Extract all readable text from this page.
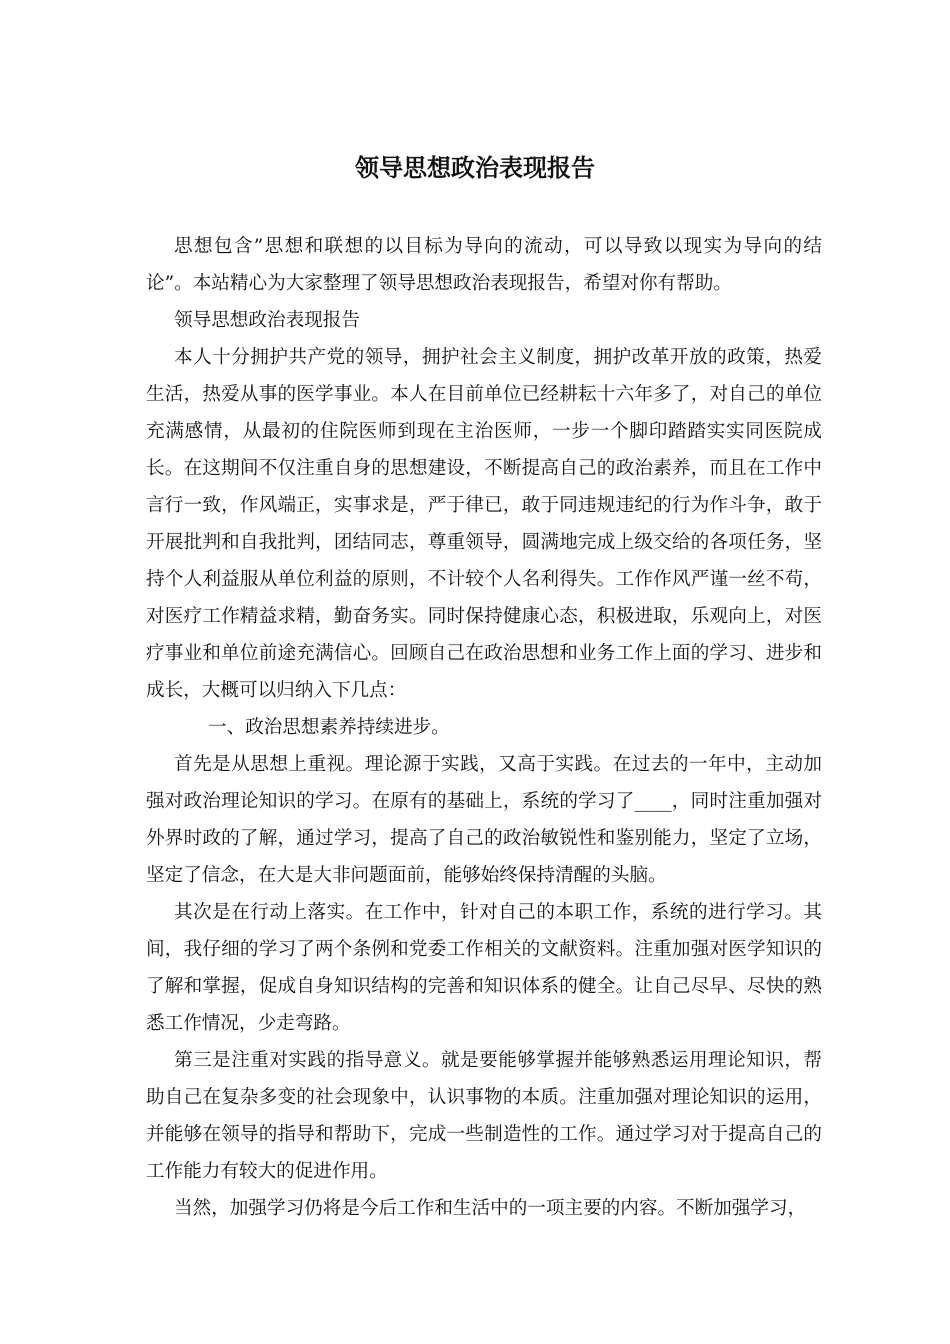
领导思想政治表现报告

思想包含”思想和联想的以目标为导向的流动，可以导致以现实为导向的结论”。本站精心为大家整理了领导思想政治表现报告，希望对你有帮助。

领导思想政治表现报告

本人十分拥护共产党的领导，拥护社会主义制度，拥护改革开放的政策，热爱生活，热爱从事的医学事业。本人在目前单位已经耕耘十六年多了，对自己的单位充满感情，从最初的住院医师到现在主治医师，一步一个脚印踏踏实实同医院成长。在这期间不仅注重自身的思想建设，不断提高自己的政治素养，而且在工作中言行一致，作风端正，实事求是，严于律已，敢于同违规违纪的行为作斗争，敢于开展批判和自我批判，团结同志，尊重领导，圆满地完成上级交给的各项任务，坚持个人利益服从单位利益的原则，不计较个人名利得失。工作作风严谨一丝不苟，对医疗工作精益求精，勤奋务实。同时保持健康心态，积极进取，乐观向上，对医疗事业和单位前途充满信心。回顾自己在政治思想和业务工作上面的学习、进步和成长，大概可以归纳入下几点：

一、政治思想素养持续进步。

首先是从思想上重视。理论源于实践，又高于实践。在过去的一年中，主动加强对政治理论知识的学习。在原有的基础上，系统的学习了____，同时注重加强对外界时政的了解，通过学习，提高了自己的政治敏锐性和鉴别能力，坚定了立场，坚定了信念，在大是大非问题面前，能够始终保持清醒的头脑。

其次是在行动上落实。在工作中，针对自己的本职工作，系统的进行学习。其间，我仔细的学习了两个条例和党委工作相关的文献资料。注重加强对医学知识的了解和掌握，促成自身知识结构的完善和知识体系的健全。让自己尽早、尽快的熟悉工作情况，少走弯路。

第三是注重对实践的指导意义。就是要能够掌握并能够熟悉运用理论知识，帮助自己在复杂多变的社会现象中，认识事物的本质。注重加强对理论知识的运用，并能够在领导的指导和帮助下，完成一些制造性的工作。通过学习对于提高自己的工作能力有较大的促进作用。

当然，加强学习仍将是今后工作和生活中的一项主要的内容。不断加强学习，
